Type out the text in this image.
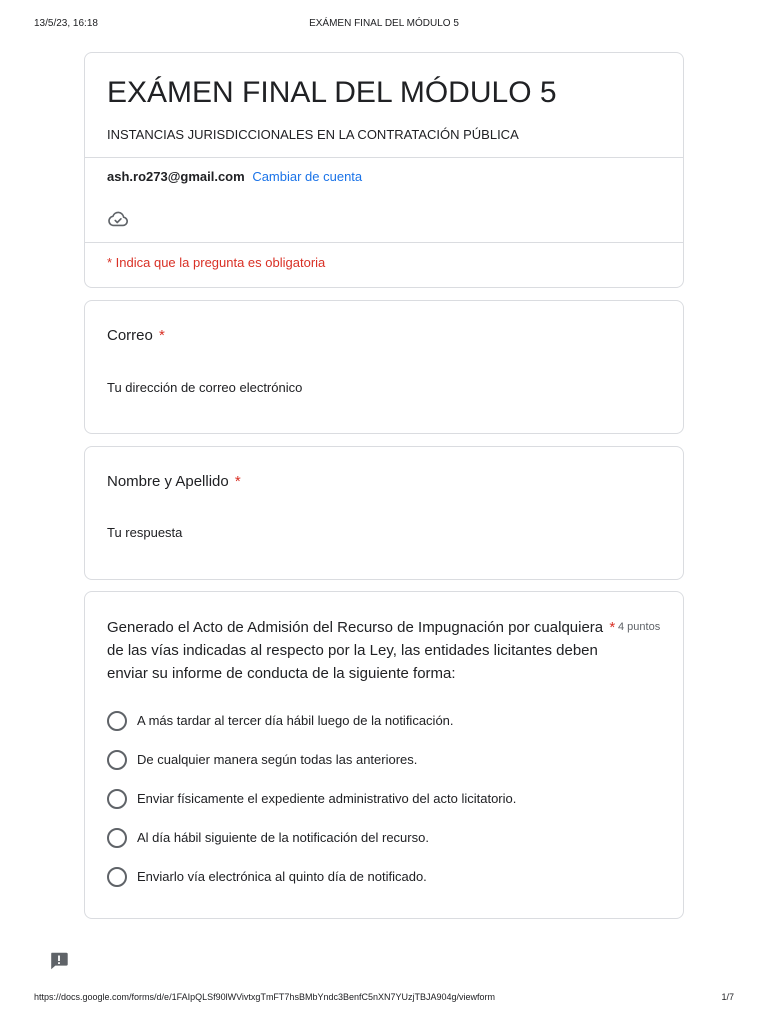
13/5/23, 16:18	EXÁMEN FINAL DEL MÓDULO 5
EXÁMEN FINAL DEL MÓDULO 5
INSTANCIAS JURISDICCIONALES EN LA CONTRATACIÓN PÚBLICA
ash.ro273@gmail.com Cambiar de cuenta
* Indica que la pregunta es obligatoria
Correo *
Tu dirección de correo electrónico
Nombre y Apellido *
Tu respuesta
Generado el Acto de Admisión del Recurso de Impugnación por cualquiera *
de las vías indicadas al respecto por la Ley, las entidades licitantes deben
enviar su informe de conducta de la siguiente forma:
4 puntos
A más tardar al tercer día hábil luego de la notificación.
De cualquier manera según todas las anteriores.
Enviar físicamente el expediente administrativo del acto licitatorio.
Al día hábil siguiente de la notificación del recurso.
Enviarlo vía electrónica al quinto día de notificado.
https://docs.google.com/forms/d/e/1FAIpQLSf90lWVivtxgTmFT7hsBMbYndc3BenfC5nXN7YUzjTBJA904g/viewform	1/7
